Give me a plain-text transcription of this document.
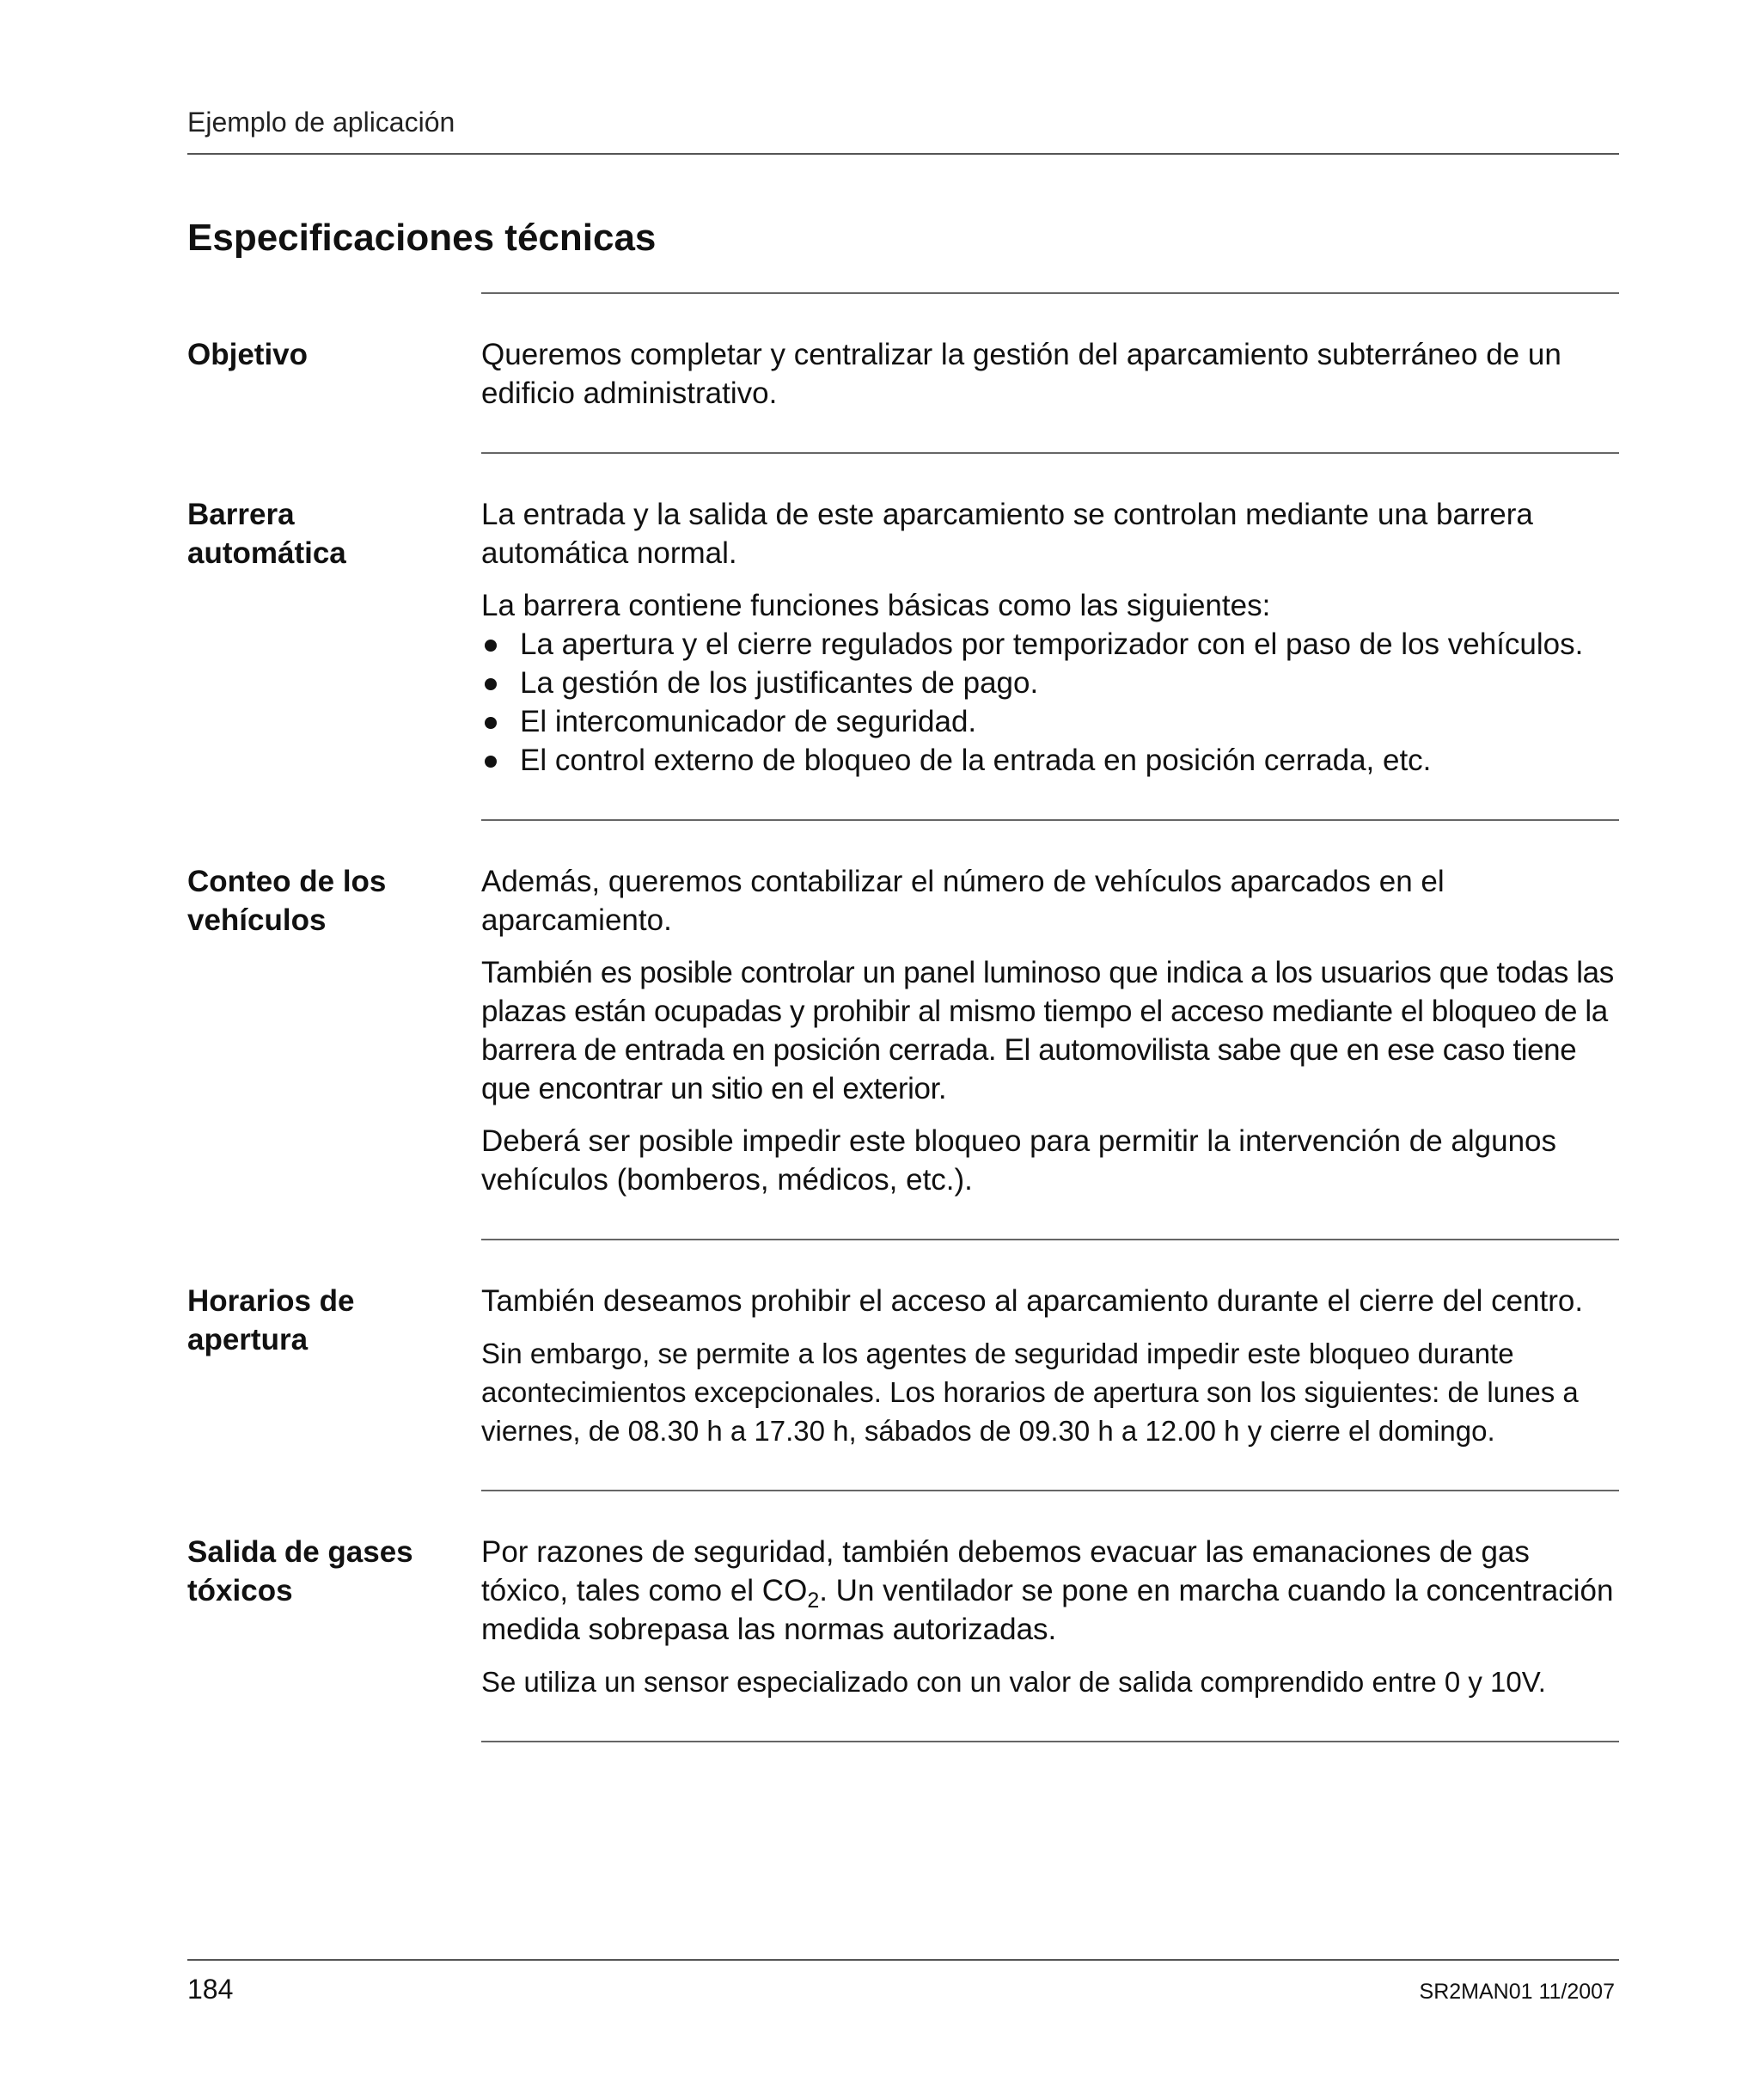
Ejemplo de aplicación
Especificaciones técnicas
Objetivo	Queremos completar y centralizar la gestión del aparcamiento subterráneo de un edificio administrativo.

Barrera
automática

La entrada y la salida de este aparcamiento se controlan mediante una barrera automática normal.

La barrera contiene funciones básicas como las siguientes:

La apertura y el cierre regulados por temporizador con el paso de los vehículos.
La gestión de los justificantes de pago.
El intercomunicador de seguridad.
El control externo de bloqueo de la entrada en posición cerrada, etc.
Conteo de los
vehículos

Además, queremos contabilizar el número de vehículos aparcados en el aparcamiento.

También es posible controlar un panel luminoso que indica a los usuarios que todas las plazas están ocupadas y prohibir al mismo tiempo el acceso mediante el bloqueo de la barrera de entrada en posición cerrada. El automovilista sabe que en ese caso tiene que encontrar un sitio en el exterior.

Deberá ser posible impedir este bloqueo para permitir la intervención de algunos vehículos (bomberos, médicos, etc.).

Horarios de
apertura

También deseamos prohibir el acceso al aparcamiento durante el cierre del centro.

Sin embargo, se permite a los agentes de seguridad impedir este bloqueo durante acontecimientos excepcionales. Los horarios de apertura son los siguientes: de lunes a viernes, de 08.30 h a 17.30 h, sábados de 09.30 h a 12.00 h y cierre el domingo.

Salida de gases
tóxicos

Por razones de seguridad, también debemos evacuar las emanaciones de gas tóxico, tales como el $CO_2$. Un ventilador se pone en marcha cuando la concentración medida sobrepasa las normas autorizadas.

Se utiliza un sensor especializado con un valor de salida comprendido entre 0 y 10V.

184	SR2MAN01 11/2007
